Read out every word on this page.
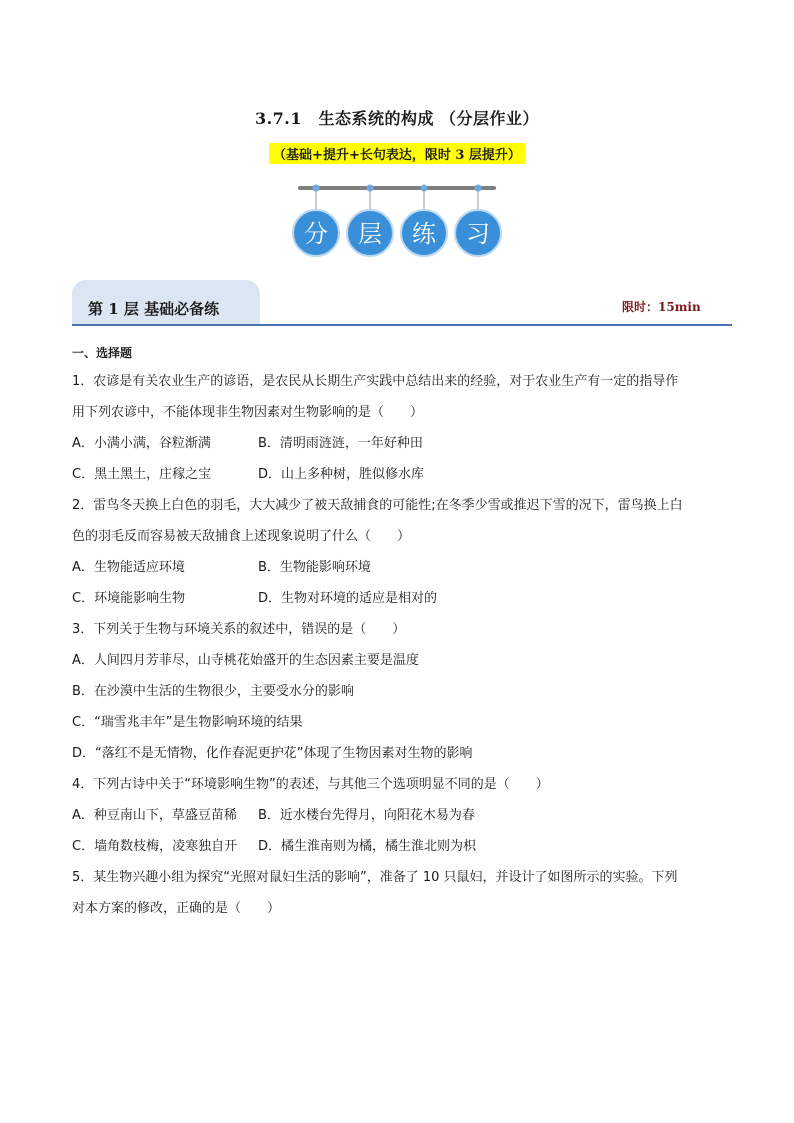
3.7.1　生态系统的构成 （分层作业）
（基础+提升+长句表达，限时 3 层提升）
分 层 练 习
第 1 层 基础必备练	限时：15min
一、选择题
1．农谚是有关农业生产的谚语，是农民从长期生产实践中总结出来的经验，对于农业生产有一定的指导作
用下列农谚中，不能体现非生物因素对生物影响的是（　　）
A．小满小满，谷粒渐满	B．清明雨涟涟，一年好种田
C．黑土黑土，庄稼之宝	D．山上多种树，胜似修水库
2．雷鸟冬天换上白色的羽毛，大大减少了被天敌捕食的可能性;在冬季少雪或推迟下雪的况下，雷鸟换上白
色的羽毛反而容易被天敌捕食上述现象说明了什么（　　）
A．生物能适应环境	B．生物能影响环境
C．环境能影响生物	D．生物对环境的适应是相对的
3．下列关于生物与环境关系的叙述中，错误的是（　　）
A．人间四月芳菲尽，山寺桃花始盛开的生态因素主要是温度
B．在沙漠中生活的生物很少，主要受水分的影响
C．“瑞雪兆丰年”是生物影响环境的结果
D．“落红不是无情物，化作春泥更护花”体现了生物因素对生物的影响
4．下列古诗中关于“环境影响生物”的表述，与其他三个选项明显不同的是（　　）
A．种豆南山下，草盛豆苗稀 B．近水楼台先得月，向阳花木易为春
C．墙角数枝梅，凌寒独自开 D．橘生淮南则为橘，橘生淮北则为枳
5．某生物兴趣小组为探究“光照对鼠妇生活的影响”，准备了 10 只鼠妇，并设计了如图所示的实验。下列
对本方案的修改，正确的是（　　）
